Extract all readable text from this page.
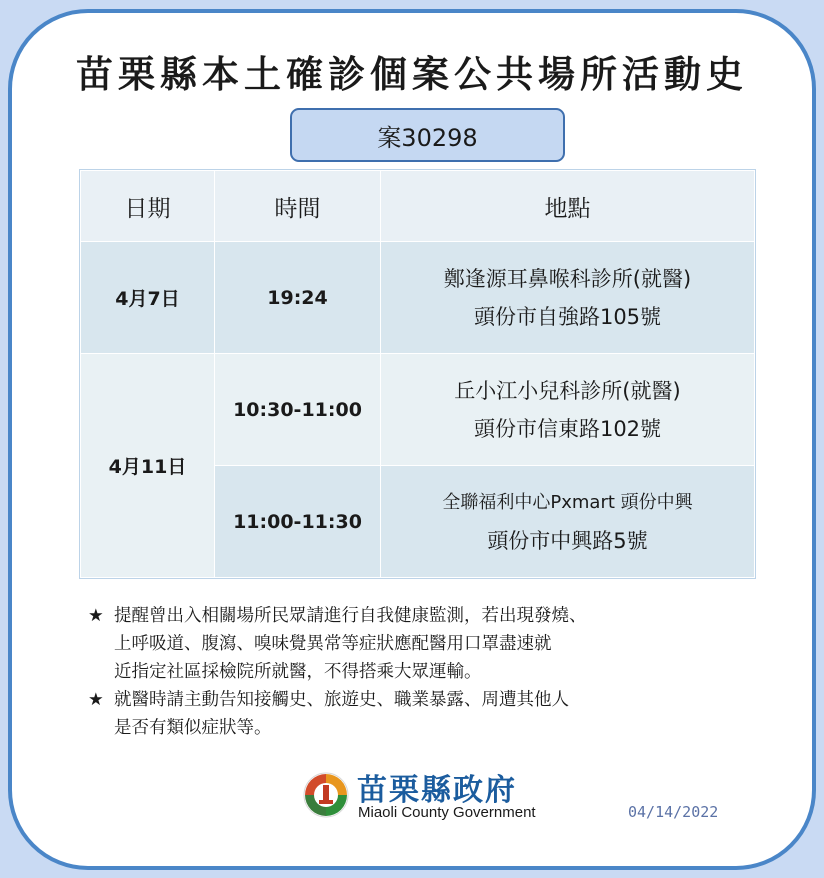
苗栗縣本土確診個案公共場所活動史
案30298
日期	時間	地點
4月7日	19:24	鄭逢源耳鼻喉科診所(就醫)
頭份市自強路105號

4月11日	10:30-11:00	丘小江小兒科診所(就醫)
頭份市信東路102號

	11:00-11:30	全聯福利中心Pxmart 頭份中興
頭份市中興路5號
★ 提醒曾出入相關場所民眾請進行自我健康監測，若出現發燒、
上呼吸道、腹瀉、嗅味覺異常等症狀應配醫用口罩盡速就
近指定社區採檢院所就醫，不得搭乘大眾運輸。
★ 就醫時請主動告知接觸史、旅遊史、職業暴露、周遭其他人
是否有類似症狀等。
苗栗縣政府
Miaoli County Government	04/14/2022
